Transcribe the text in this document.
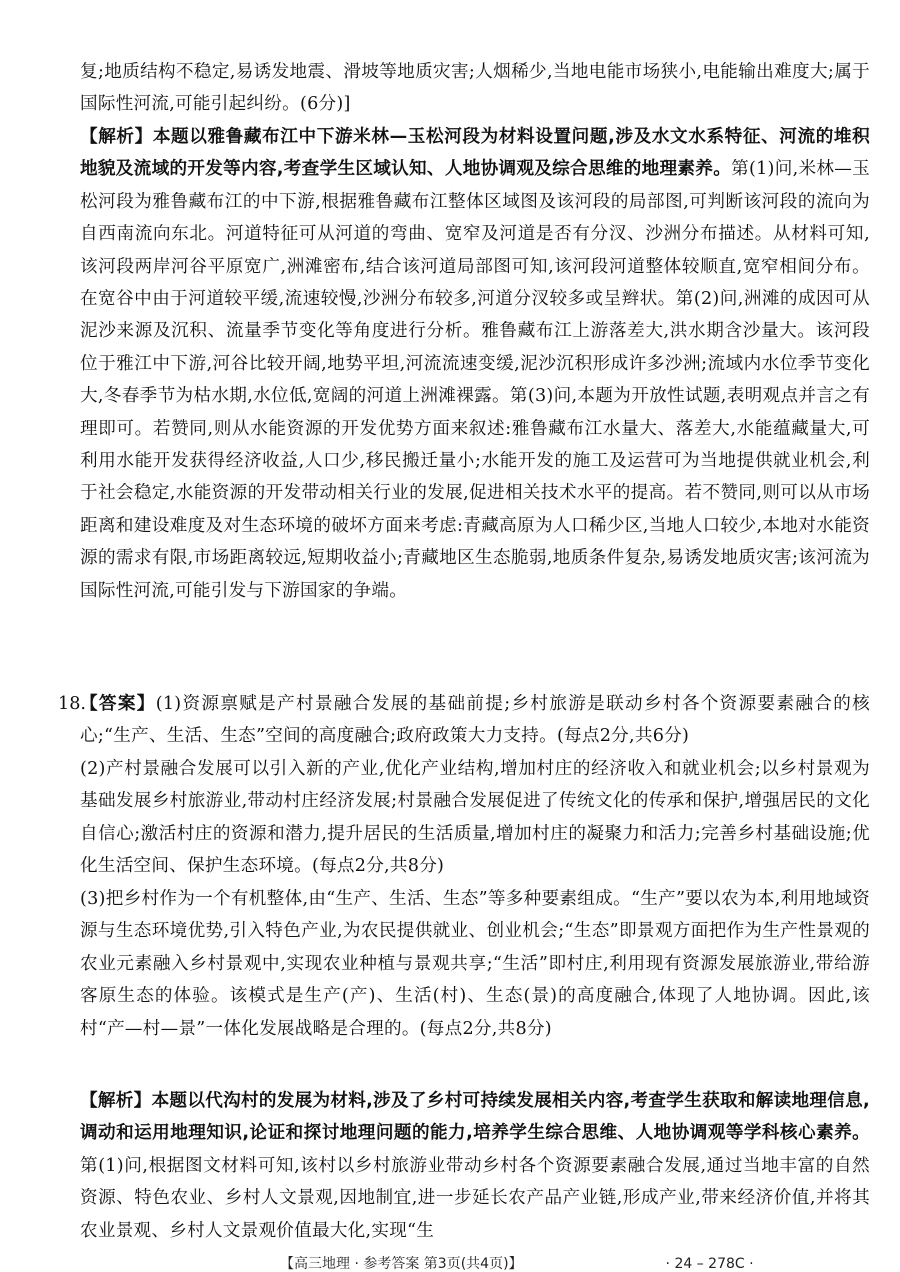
复;地质结构不稳定,易诱发地震、滑坡等地质灾害;人烟稀少,当地电能市场狭小,电能输出难度大;属于国际性河流,可能引起纠纷。(6分)]

【解析】本题以雅鲁藏布江中下游米林—玉松河段为材料设置问题,涉及水文水系特征、河流的堆积地貌及流域的开发等内容,考查学生区域认知、人地协调观及综合思维的地理素养。第(1)问,米林—玉松河段为雅鲁藏布江的中下游,根据雅鲁藏布江整体区域图及该河段的局部图,可判断该河段的流向为自西南流向东北。河道特征可从河道的弯曲、宽窄及河道是否有分汊、沙洲分布描述。从材料可知,该河段两岸河谷平原宽广,洲滩密布,结合该河道局部图可知,该河段河道整体较顺直,宽窄相间分布。在宽谷中由于河道较平缓,流速较慢,沙洲分布较多,河道分汊较多或呈辫状。第(2)问,洲滩的成因可从泥沙来源及沉积、流量季节变化等角度进行分析。雅鲁藏布江上游落差大,洪水期含沙量大。该河段位于雅江中下游,河谷比较开阔,地势平坦,河流流速变缓,泥沙沉积形成许多沙洲;流域内水位季节变化大,冬春季节为枯水期,水位低,宽阔的河道上洲滩裸露。第(3)问,本题为开放性试题,表明观点并言之有理即可。若赞同,则从水能资源的开发优势方面来叙述:雅鲁藏布江水量大、落差大,水能蕴藏量大,可利用水能开发获得经济收益,人口少,移民搬迁量小;水能开发的施工及运营可为当地提供就业机会,利于社会稳定,水能资源的开发带动相关行业的发展,促进相关技术水平的提高。若不赞同,则可以从市场距离和建设难度及对生态环境的破坏方面来考虑:青藏高原为人口稀少区,当地人口较少,本地对水能资源的需求有限,市场距离较远,短期收益小;青藏地区生态脆弱,地质条件复杂,易诱发地质灾害;该河流为国际性河流,可能引发与下游国家的争端。

18.

【答案】(1)资源禀赋是产村景融合发展的基础前提;乡村旅游是联动乡村各个资源要素融合的核心;“生产、生活、生态”空间的高度融合;政府政策大力支持。(每点2分,共6分)

(2)产村景融合发展可以引入新的产业,优化产业结构,增加村庄的经济收入和就业机会;以乡村景观为基础发展乡村旅游业,带动村庄经济发展;村景融合发展促进了传统文化的传承和保护,增强居民的文化自信心;激活村庄的资源和潜力,提升居民的生活质量,增加村庄的凝聚力和活力;完善乡村基础设施;优化生活空间、保护生态环境。(每点2分,共8分)

(3)把乡村作为一个有机整体,由“生产、生活、生态”等多种要素组成。“生产”要以农为本,利用地域资源与生态环境优势,引入特色产业,为农民提供就业、创业机会;“生态”即景观方面把作为生产性景观的农业元素融入乡村景观中,实现农业种植与景观共享;“生活”即村庄,利用现有资源发展旅游业,带给游客原生态的体验。该模式是生产(产)、生活(村)、生态(景)的高度融合,体现了人地协调。因此,该村“产—村—景”一体化发展战略是合理的。(每点2分,共8分)

【解析】本题以代沟村的发展为材料,涉及了乡村可持续发展相关内容,考查学生获取和解读地理信息,调动和运用地理知识,论证和探讨地理问题的能力,培养学生综合思维、人地协调观等学科核心素养。第(1)问,根据图文材料可知,该村以乡村旅游业带动乡村各个资源要素融合发展,通过当地丰富的自然资源、特色农业、乡村人文景观,因地制宜,进一步延长农产品产业链,形成产业,带来经济价值,并将其农业景观、乡村人文景观价值最大化,实现“生

【高三地理 · 参考答案 第3页(共4页)】	· 24 – 278C ·
